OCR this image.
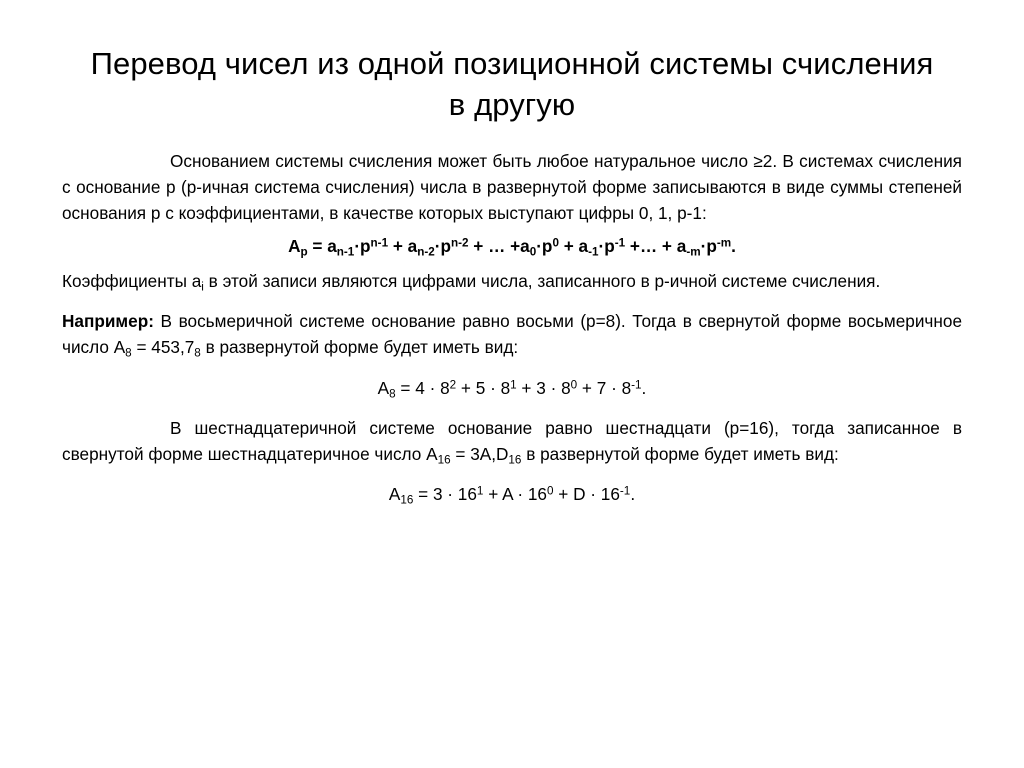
Перевод чисел из одной позиционной системы счисления в другую

Основанием системы счисления может быть любое натуральное число ≥2. В системах счисления с основание p (p-ичная система счисления) числа в развернутой форме записываются в виде суммы степеней основания p с коэффициентами, в качестве которых выступают цифры 0, 1, p-1:

$A_p = a_{n-1}\cdot p^{n-1} + a_{n-2}\cdot p^{n-2}$ + … $+a_0\cdot p^0 + a_{-1}\cdot p^{-1}$ +… + $a_{-m}\cdot p^{-m}$.

Коэффициенты $a_i$ в этой записи являются цифрами числа, записанного в p-ичной системе счисления.

Например: В восьмеричной системе основание равно восьми (p=8). Тогда в свернутой форме восьмеричное число $A_8 = 453,7_8$ в развернутой форме будет иметь вид:

$A_8 = 4 \cdot 8^2 + 5 \cdot 8^1 + 3 \cdot 8^0 + 7 \cdot 8^{-1}$.

В шестнадцатеричной системе основание равно шестнадцати (p=16), тогда записанное в свернутой форме шестнадцатеричное число $A_{16} = 3A,D_{16}$ в развернутой форме будет иметь вид:

$A_{16} = 3 \cdot 16^1 + A \cdot 16^0 + D \cdot 16^{-1}$.
